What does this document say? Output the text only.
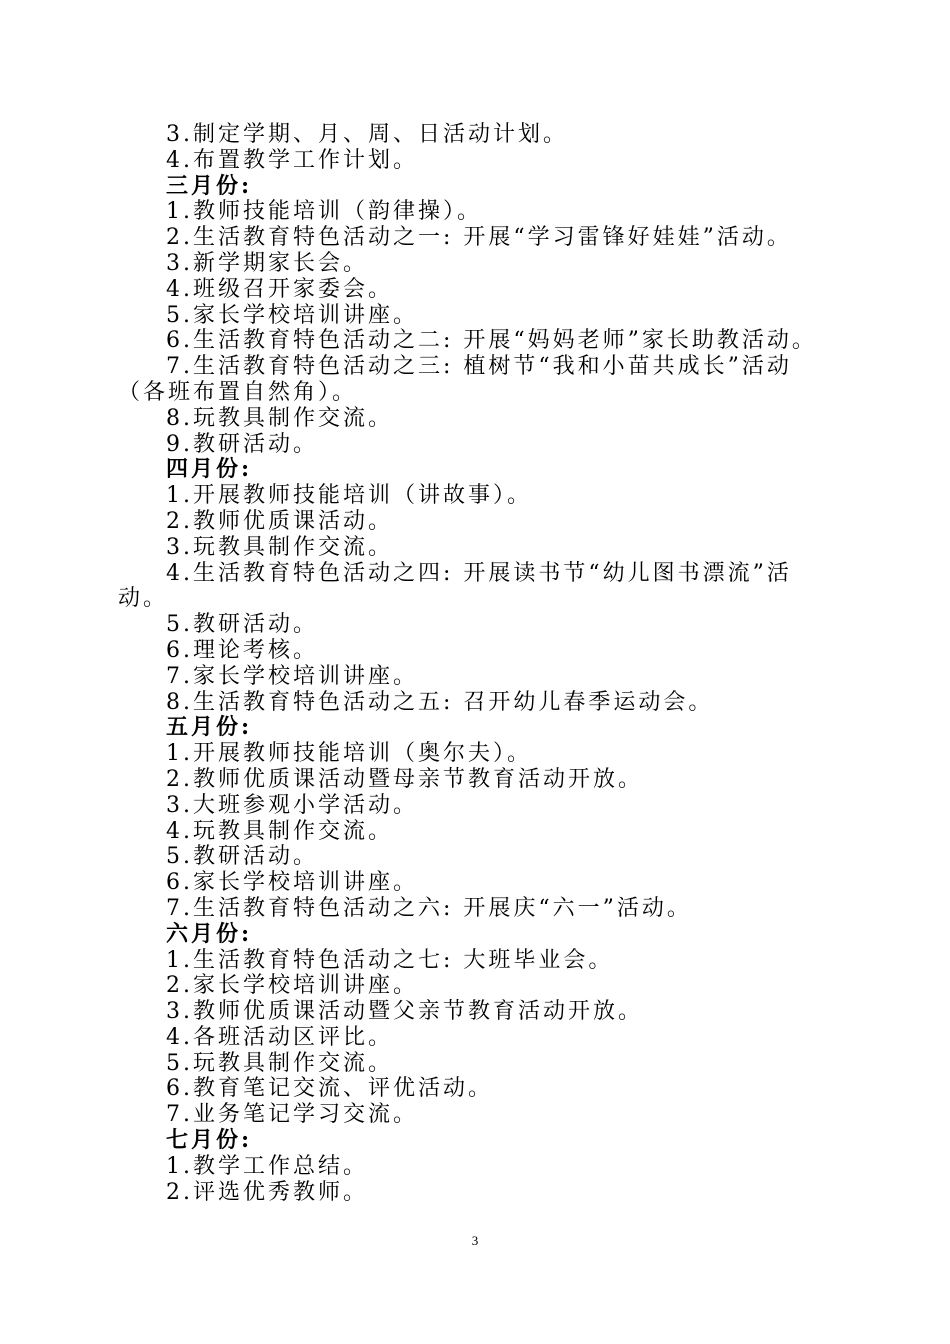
3.制定学期、月、周、日活动计划。
4.布置教学工作计划。
三月份:
1.教师技能培训（韵律操）。
2.生活教育特色活动之一: 开展“学习雷锋好娃娃”活动。
3.新学期家长会。
4.班级召开家委会。
5.家长学校培训讲座。
6.生活教育特色活动之二: 开展“妈妈老师”家长助教活动。
7.生活教育特色活动之三: 植树节“我和小苗共成长”活动
（各班布置自然角）。
8.玩教具制作交流。
9.教研活动。
四月份:
1.开展教师技能培训（讲故事）。
2.教师优质课活动。
3.玩教具制作交流。
4.生活教育特色活动之四: 开展读书节“幼儿图书漂流”活
动。
5.教研活动。
6.理论考核。
7.家长学校培训讲座。
8.生活教育特色活动之五: 召开幼儿春季运动会。
五月份:
1.开展教师技能培训（奥尔夫）。
2.教师优质课活动暨母亲节教育活动开放。
3.大班参观小学活动。
4.玩教具制作交流。
5.教研活动。
6.家长学校培训讲座。
7.生活教育特色活动之六: 开展庆“六一”活动。
六月份:
1.生活教育特色活动之七: 大班毕业会。
2.家长学校培训讲座。
3.教师优质课活动暨父亲节教育活动开放。
4.各班活动区评比。
5.玩教具制作交流。
6.教育笔记交流、评优活动。
7.业务笔记学习交流。
七月份:
1.教学工作总结。
2.评选优秀教师。
3
